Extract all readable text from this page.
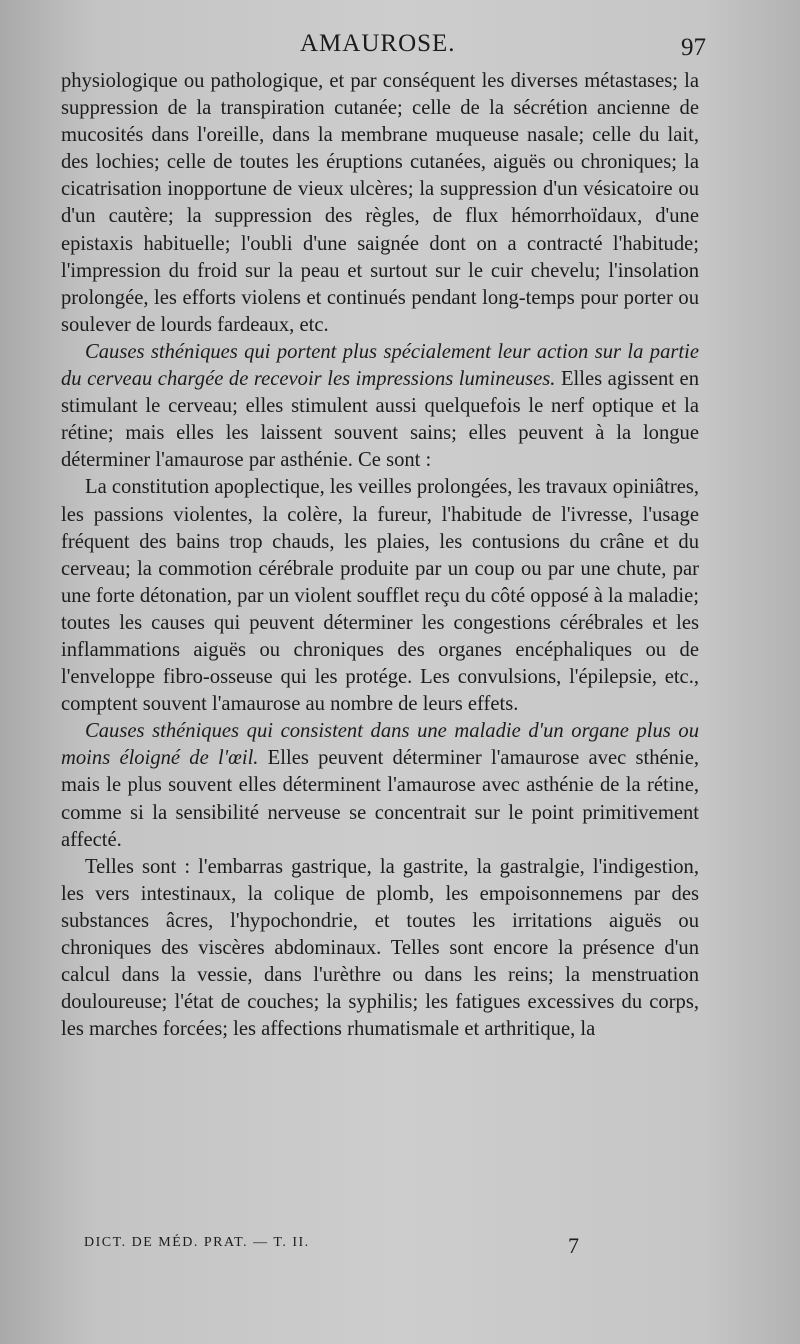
AMAUROSE.	97

physiologique ou pathologique, et par conséquent les diverses métastases; la suppression de la transpiration cutanée; celle de la sécrétion ancienne de mucosités dans l'oreille, dans la membrane muqueuse nasale; celle du lait, des lochies; celle de toutes les éruptions cutanées, aiguës ou chroniques; la cicatrisation inopportune de vieux ulcères; la suppression d'un vésicatoire ou d'un cautère; la suppression des règles, de flux hémorrhoïdaux, d'une epistaxis habituelle; l'oubli d'une saignée dont on a contracté l'habitude; l'impression du froid sur la peau et surtout sur le cuir chevelu; l'insolation prolongée, les efforts violens et continués pendant long-temps pour porter ou soulever de lourds fardeaux, etc.

Causes sthéniques qui portent plus spécialement leur action sur la partie du cerveau chargée de recevoir les impressions lumineuses. Elles agissent en stimulant le cerveau; elles stimulent aussi quelquefois le nerf optique et la rétine; mais elles les laissent souvent sains; elles peuvent à la longue déterminer l'amaurose par asthénie. Ce sont :

La constitution apoplectique, les veilles prolongées, les travaux opiniâtres, les passions violentes, la colère, la fureur, l'habitude de l'ivresse, l'usage fréquent des bains trop chauds, les plaies, les contusions du crâne et du cerveau; la commotion cérébrale produite par un coup ou par une chute, par une forte détonation, par un violent soufflet reçu du côté opposé à la maladie; toutes les causes qui peuvent déterminer les congestions cérébrales et les inflammations aiguës ou chroniques des organes encéphaliques ou de l'enveloppe fibro-osseuse qui les protége. Les convulsions, l'épilepsie, etc., comptent souvent l'amaurose au nombre de leurs effets.

Causes sthéniques qui consistent dans une maladie d'un organe plus ou moins éloigné de l'œil. Elles peuvent déterminer l'amaurose avec sthénie, mais le plus souvent elles déterminent l'amaurose avec asthénie de la rétine, comme si la sensibilité nerveuse se concentrait sur le point primitivement affecté.

Telles sont : l'embarras gastrique, la gastrite, la gastralgie, l'indigestion, les vers intestinaux, la colique de plomb, les empoisonnemens par des substances âcres, l'hypochondrie, et toutes les irritations aiguës ou chroniques des viscères abdominaux. Telles sont encore la présence d'un calcul dans la vessie, dans l'urèthre ou dans les reins; la menstruation douloureuse; l'état de couches; la syphilis; les fatigues excessives du corps, les marches forcées; les affections rhumatismale et arthritique, la

DICT. DE MÉD. PRAT. — T. II.	7
